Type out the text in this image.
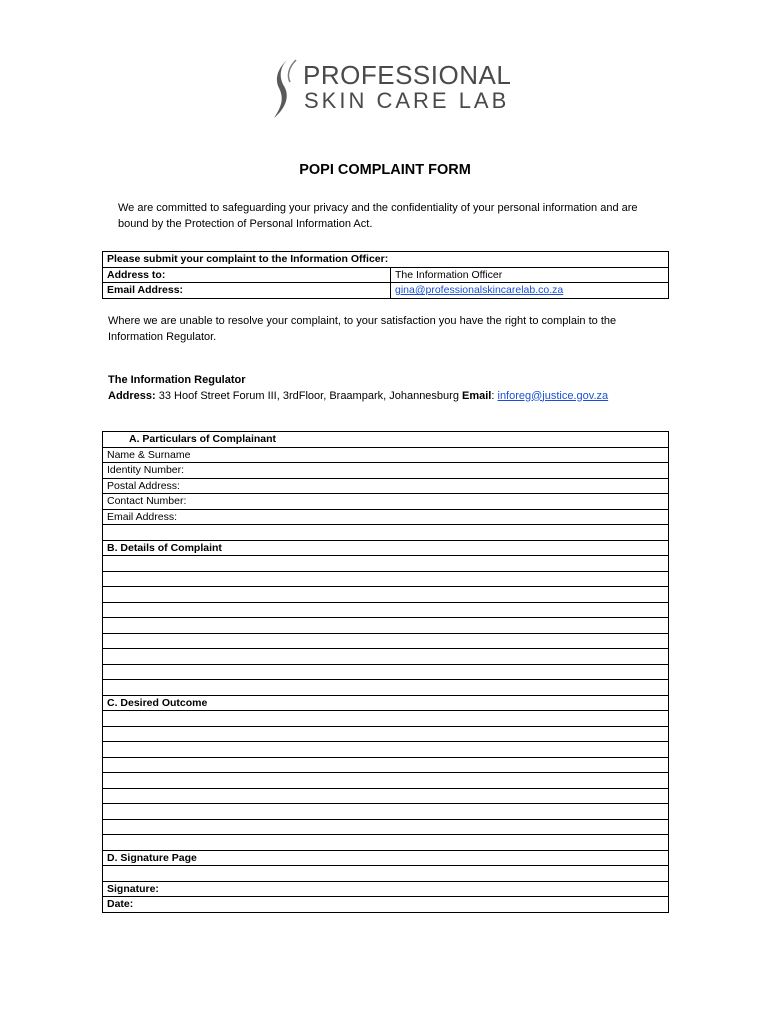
PROFESSIONAL
SKIN CARE LAB
POPI COMPLAINT FORM
We are committed to safeguarding your privacy and the confidentiality of your personal information and are bound by the Protection of Personal Information Act.
Please submit your complaint to the Information Officer:	
Address to:	The Information Officer
Email Address:	gina@professionalskincarelab.co.za
Where we are unable to resolve your complaint, to your satisfaction you have the right to complain to the Information Regulator.
The Information Regulator
Address: 33 Hoof Street Forum III, 3rdFloor, Braampark, Johannesburg Email: inforeg@justice.gov.za
A. Particulars of Complainant
Name & Surname
Identity Number:
Postal Address:
Contact Number:
Email Address:

B. Details of Complaint

C. Desired Outcome

D. Signature Page

Signature:
Date:
